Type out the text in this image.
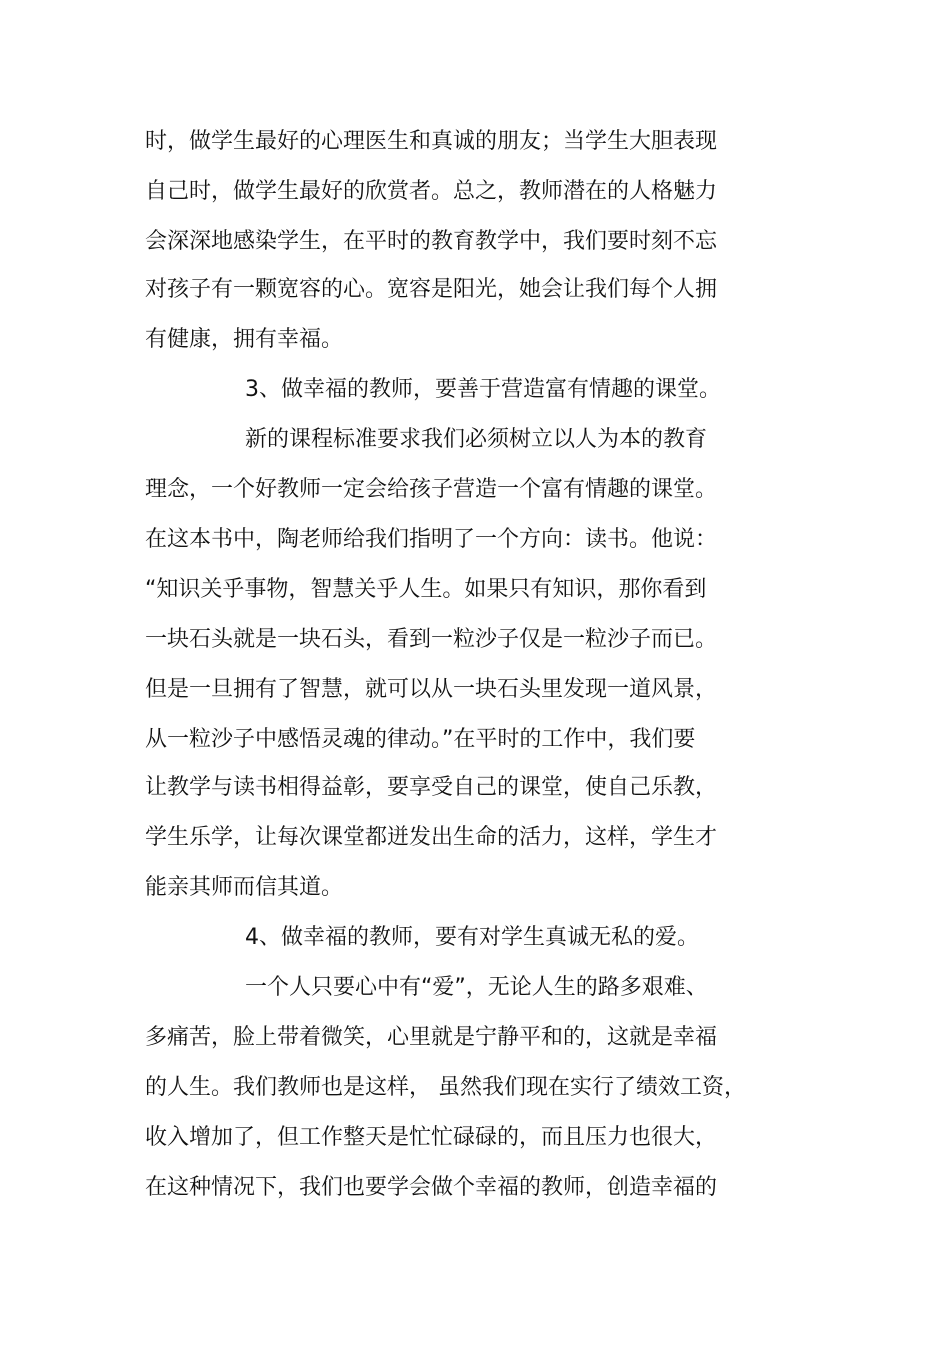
时，做学生最好的心理医生和真诚的朋友；当学生大胆表现
自己时，做学生最好的欣赏者。总之，教师潜在的人格魅力
会深深地感染学生，在平时的教育教学中，我们要时刻不忘
对孩子有一颗宽容的心。宽容是阳光，她会让我们每个人拥
有健康，拥有幸福。
3、做幸福的教师，要善于营造富有情趣的课堂。
新的课程标准要求我们必须树立以人为本的教育
理念，一个好教师一定会给孩子营造一个富有情趣的课堂。
在这本书中，陶老师给我们指明了一个方向：读书。他说：
“知识关乎事物，智慧关乎人生。如果只有知识，那你看到
一块石头就是一块石头，看到一粒沙子仅是一粒沙子而已。
但是一旦拥有了智慧，就可以从一块石头里发现一道风景，
从一粒沙子中感悟灵魂的律动。”在平时的工作中，我们要
让教学与读书相得益彰，要享受自己的课堂，使自己乐教，
学生乐学，让每次课堂都迸发出生命的活力，这样，学生才
能亲其师而信其道。
4、做幸福的教师，要有对学生真诚无私的爱。
一个人只要心中有“爱”，无论人生的路多艰难、
多痛苦，脸上带着微笑，心里就是宁静平和的，这就是幸福
的人生。我们教师也是这样， 虽然我们现在实行了绩效工资，
收入增加了，但工作整天是忙忙碌碌的，而且压力也很大，
在这种情况下，我们也要学会做个幸福的教师，创造幸福的
